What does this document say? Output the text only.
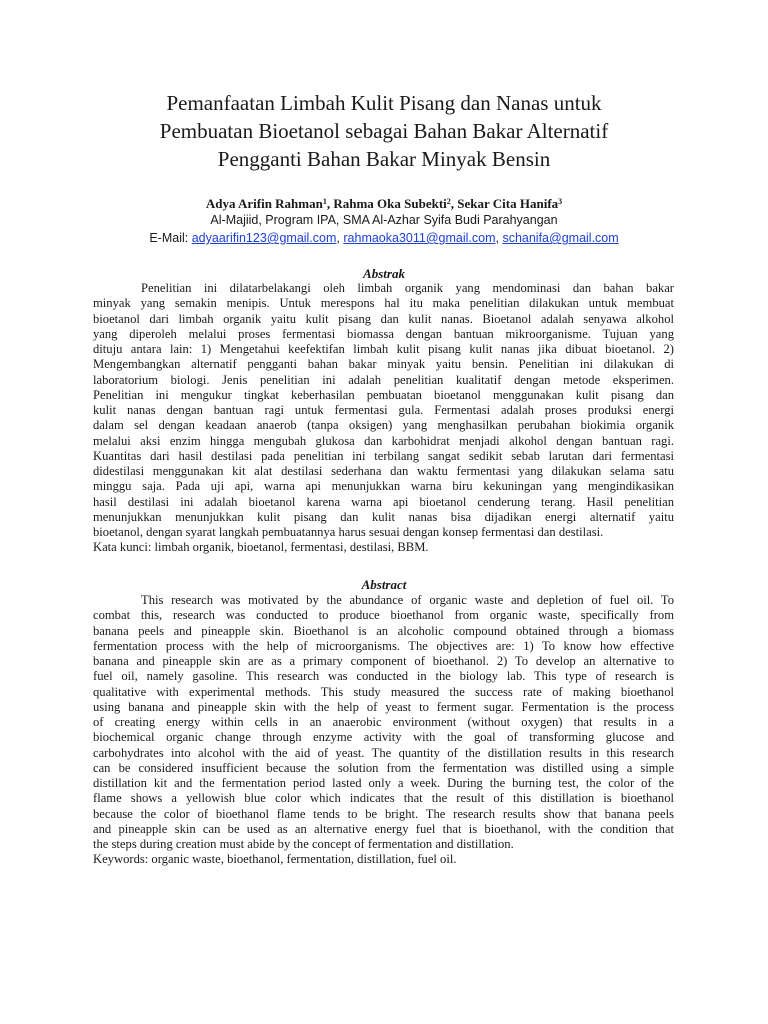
Pemanfaatan Limbah Kulit Pisang dan Nanas untuk
Pembuatan Bioetanol sebagai Bahan Bakar Alternatif
Pengganti Bahan Bakar Minyak Bensin
Adya Arifin Rahman$^1$, Rahma Oka Subekti$^2$, Sekar Cita Hanifa$^3$
Al-Majiid, Program IPA, SMA Al-Azhar Syifa Budi Parahyangan
E-Mail: adyaarifin123@gmail.com, rahmaoka3011@gmail.com, schanifa@gmail.com
Abstrak
Penelitian ini dilatarbelakangi oleh limbah organik yang mendominasi dan bahan bakar
minyak yang semakin menipis. Untuk merespons hal itu maka penelitian dilakukan untuk membuat
bioetanol dari limbah organik yaitu kulit pisang dan kulit nanas. Bioetanol adalah senyawa alkohol
yang diperoleh melalui proses fermentasi biomassa dengan bantuan mikroorganisme. Tujuan yang
dituju antara lain: 1) Mengetahui keefektifan limbah kulit pisang kulit nanas jika dibuat bioetanol. 2)
Mengembangkan alternatif pengganti bahan bakar minyak yaitu bensin. Penelitian ini dilakukan di
laboratorium biologi. Jenis penelitian ini adalah penelitian kualitatif dengan metode eksperimen.
Penelitian ini mengukur tingkat keberhasilan pembuatan bioetanol menggunakan kulit pisang dan
kulit nanas dengan bantuan ragi untuk fermentasi gula. Fermentasi adalah proses produksi energi
dalam sel dengan keadaan anaerob (tanpa oksigen) yang menghasilkan perubahan biokimia organik
melalui aksi enzim hingga mengubah glukosa dan karbohidrat menjadi alkohol dengan bantuan ragi.
Kuantitas dari hasil destilasi pada penelitian ini terbilang sangat sedikit sebab larutan dari fermentasi
didestilasi menggunakan kit alat destilasi sederhana dan waktu fermentasi yang dilakukan selama satu
minggu saja. Pada uji api, warna api menunjukkan warna biru kekuningan yang mengindikasikan
hasil destilasi ini adalah bioetanol karena warna api bioetanol cenderung terang. Hasil penelitian
menunjukkan menunjukkan kulit pisang dan kulit nanas bisa dijadikan energi alternatif yaitu
bioetanol, dengan syarat langkah pembuatannya harus sesuai dengan konsep fermentasi dan destilasi.
Kata kunci: limbah organik, bioetanol, fermentasi, destilasi, BBM.
Abstract
This research was motivated by the abundance of organic waste and depletion of fuel oil. To
combat this, research was conducted to produce bioethanol from organic waste, specifically from
banana peels and pineapple skin. Bioethanol is an alcoholic compound obtained through a biomass
fermentation process with the help of microorganisms. The objectives are: 1) To know how effective
banana and pineapple skin are as a primary component of bioethanol. 2) To develop an alternative to
fuel oil, namely gasoline. This research was conducted in the biology lab. This type of research is
qualitative with experimental methods. This study measured the success rate of making bioethanol
using banana and pineapple skin with the help of yeast to ferment sugar. Fermentation is the process
of creating energy within cells in an anaerobic environment (without oxygen) that results in a
biochemical organic change through enzyme activity with the goal of transforming glucose and
carbohydrates into alcohol with the aid of yeast. The quantity of the distillation results in this research
can be considered insufficient because the solution from the fermentation was distilled using a simple
distillation kit and the fermentation period lasted only a week. During the burning test, the color of the
flame shows a yellowish blue color which indicates that the result of this distillation is bioethanol
because the color of bioethanol flame tends to be bright. The research results show that banana peels
and pineapple skin can be used as an alternative energy fuel that is bioethanol, with the condition that
the steps during creation must abide by the concept of fermentation and distillation.
Keywords: organic waste, bioethanol, fermentation, distillation, fuel oil.
